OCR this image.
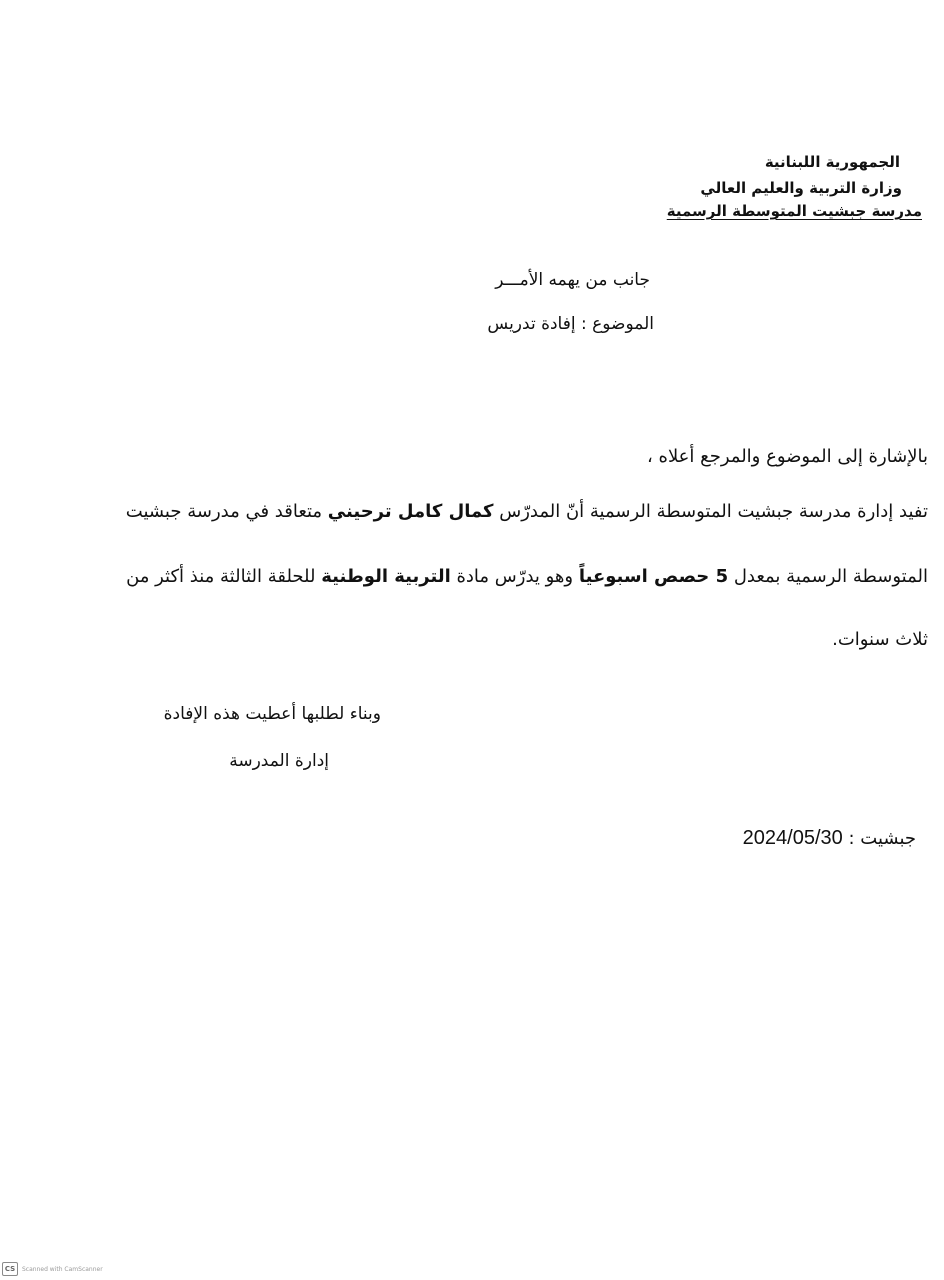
الجمهورية اللبنانية
وزارة التربية والعليم العالي
مدرسة جبشيت المتوسطة الرسمية
جانب من يهمه الأمـــر
الموضوع : إفادة تدريس
بالإشارة إلى الموضوع والمرجع أعلاه ،
تفيد إدارة مدرسة جبشيت المتوسطة الرسمية أنّ المدرّس كمال كامل ترحيني متعاقد في مدرسة جبشيت
المتوسطة الرسمية بمعدل 5 حصص اسبوعياً وهو يدرّس مادة التربية الوطنية للحلقة الثالثة منذ أكثر من
ثلاث سنوات.
وبناء لطلبها أعطيت هذه الإفادة
إدارة المدرسة
جبشيت : 2024/05/30
CS	Scanned with CamScanner
